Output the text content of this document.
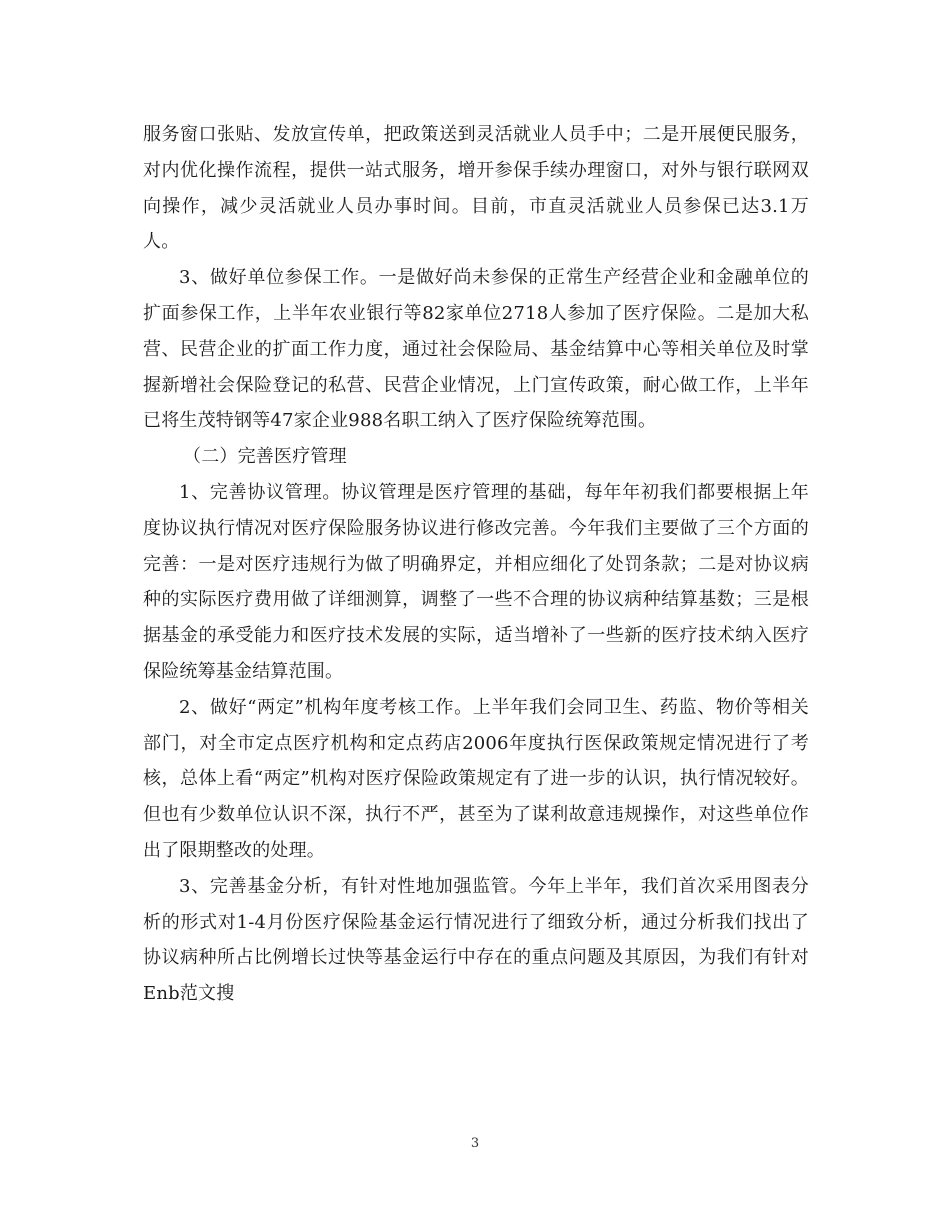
服务窗口张贴、发放宣传单，把政策送到灵活就业人员手中；二是开展便民服务，对内优化操作流程，提供一站式服务，增开参保手续办理窗口，对外与银行联网双向操作，减少灵活就业人员办事时间。目前，市直灵活就业人员参保已达3.1万人。

3、做好单位参保工作。一是做好尚未参保的正常生产经营企业和金融单位的扩面参保工作，上半年农业银行等82家单位2718人参加了医疗保险。二是加大私营、民营企业的扩面工作力度，通过社会保险局、基金结算中心等相关单位及时掌握新增社会保险登记的私营、民营企业情况，上门宣传政策，耐心做工作，上半年已将生茂特钢等47家企业988名职工纳入了医疗保险统筹范围。

（二）完善医疗管理

1、完善协议管理。协议管理是医疗管理的基础，每年年初我们都要根据上年度协议执行情况对医疗保险服务协议进行修改完善。今年我们主要做了三个方面的完善：一是对医疗违规行为做了明确界定，并相应细化了处罚条款；二是对协议病种的实际医疗费用做了详细测算，调整了一些不合理的协议病种结算基数；三是根据基金的承受能力和医疗技术发展的实际，适当增补了一些新的医疗技术纳入医疗保险统筹基金结算范围。

2、做好“两定”机构年度考核工作。上半年我们会同卫生、药监、物价等相关部门，对全市定点医疗机构和定点药店2006年度执行医保政策规定情况进行了考核，总体上看“两定”机构对医疗保险政策规定有了进一步的认识，执行情况较好。但也有少数单位认识不深，执行不严，甚至为了谋利故意违规操作，对这些单位作出了限期整改的处理。

3、完善基金分析，有针对性地加强监管。今年上半年，我们首次采用图表分析的形式对1-4月份医疗保险基金运行情况进行了细致分析，通过分析我们找出了协议病种所占比例增长过快等基金运行中存在的重点问题及其原因，为我们有针对Enb范文搜

3
